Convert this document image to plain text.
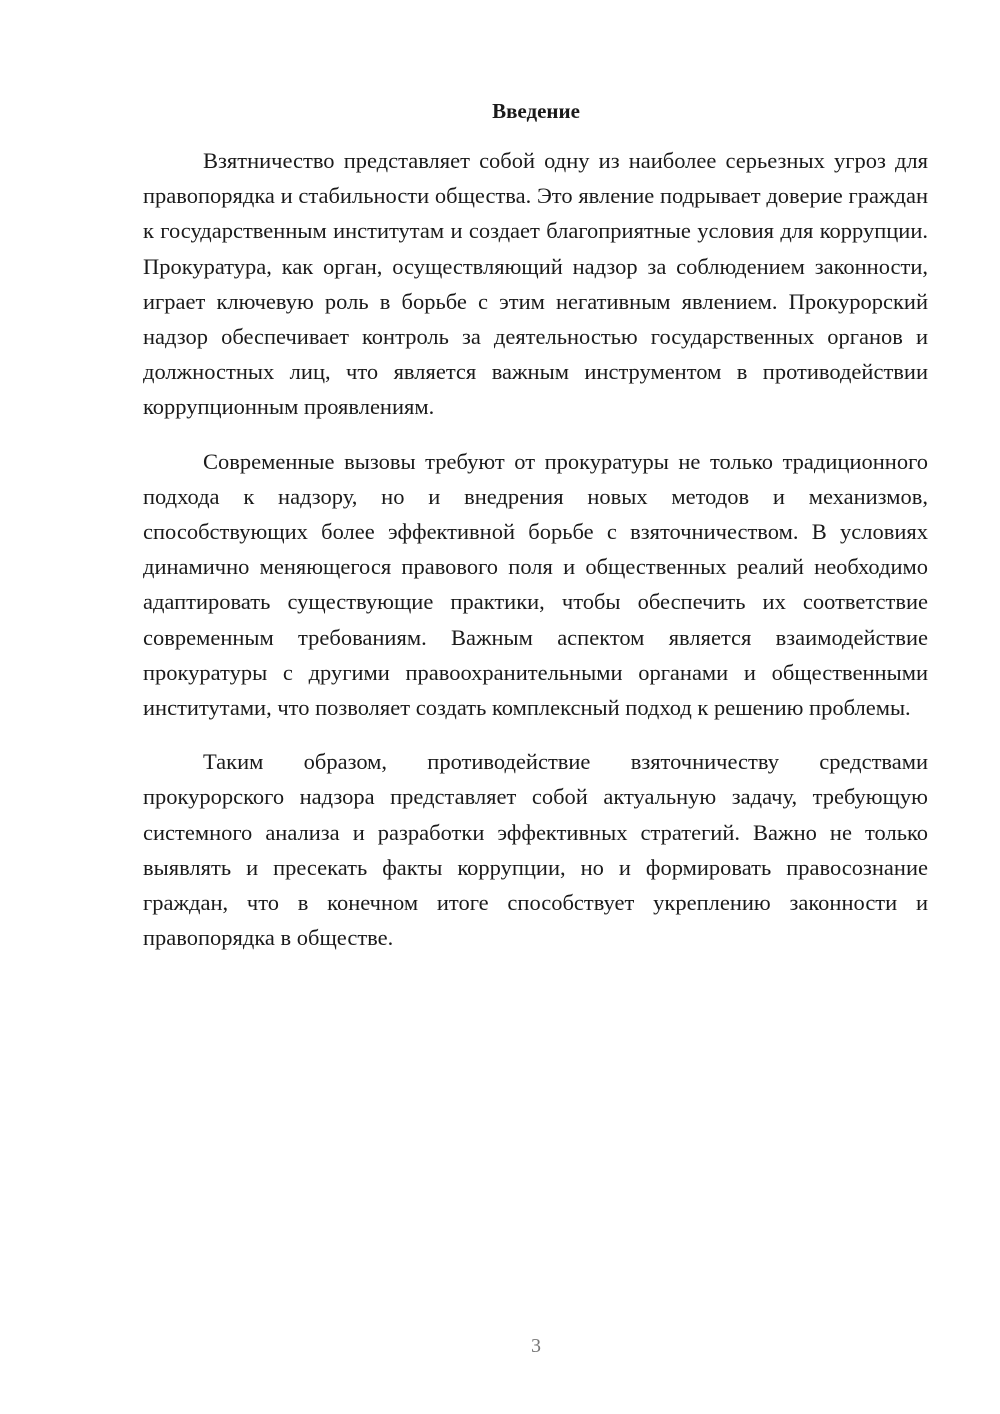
Введение

Взятничество представляет собой одну из наиболее серьезных угроз для правопорядка и стабильности общества. Это явление подрывает доверие граждан к государственным институтам и создает благоприятные условия для коррупции. Прокуратура, как орган, осуществляющий надзор за соблюдением законности, играет ключевую роль в борьбе с этим негативным явлением. Прокурорский надзор обеспечивает контроль за деятельностью государственных органов и должностных лиц, что является важным инструментом в противодействии коррупционным проявлениям.

Современные вызовы требуют от прокуратуры не только традиционного подхода к надзору, но и внедрения новых методов и механизмов, способствующих более эффективной борьбе с взяточничеством. В условиях динамично меняющегося правового поля и общественных реалий необходимо адаптировать существующие практики, чтобы обеспечить их соответствие современным требованиям. Важным аспектом является взаимодействие прокуратуры с другими правоохранительными органами и общественными институтами, что позволяет создать комплексный подход к решению проблемы.

Таким образом, противодействие взяточничеству средствами прокурорского надзора представляет собой актуальную задачу, требующую системного анализа и разработки эффективных стратегий. Важно не только выявлять и пресекать факты коррупции, но и формировать правосознание граждан, что в конечном итоге способствует укреплению законности и правопорядка в обществе.

3
